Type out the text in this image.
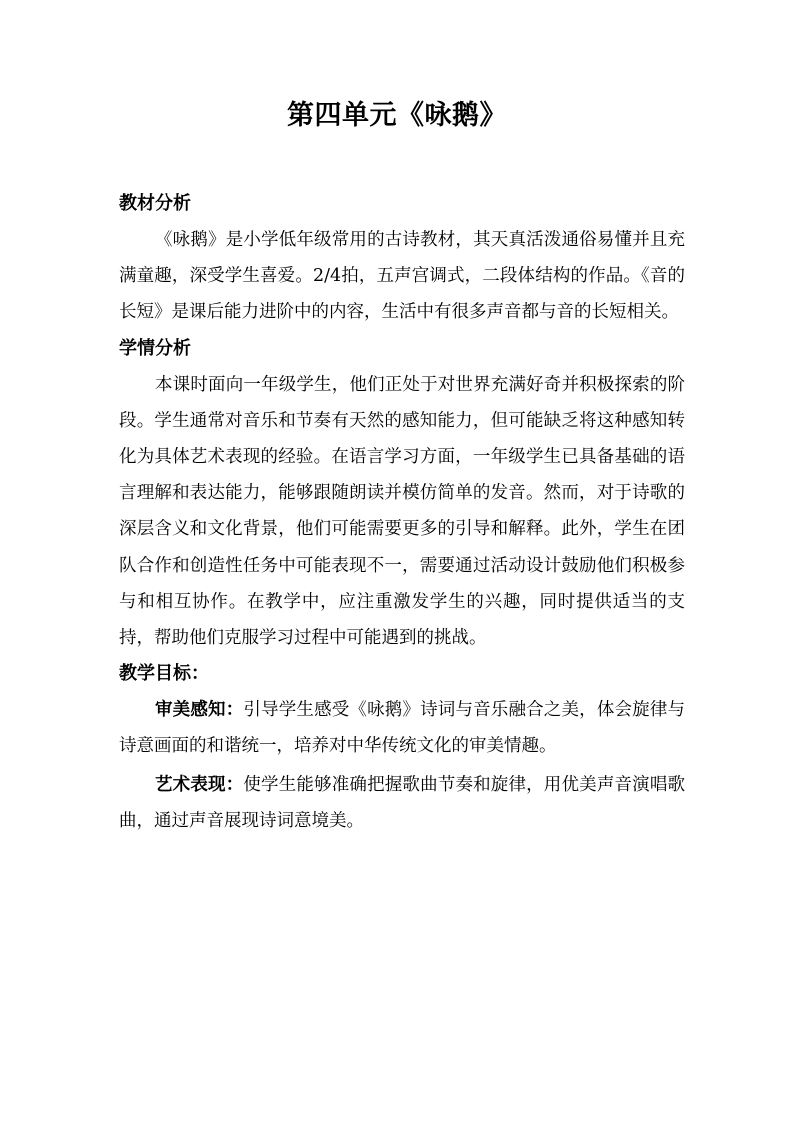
第四单元《咏鹅》
教材分析

《咏鹅》是小学低年级常用的古诗教材，其天真活泼通俗易懂并且充满童趣，深受学生喜爱。2/4拍，五声宫调式，二段体结构的作品。《音的长短》是课后能力进阶中的内容，生活中有很多声音都与音的长短相关。

学情分析

本课时面向一年级学生，他们正处于对世界充满好奇并积极探索的阶段。学生通常对音乐和节奏有天然的感知能力，但可能缺乏将这种感知转化为具体艺术表现的经验。在语言学习方面，一年级学生已具备基础的语言理解和表达能力，能够跟随朗读并模仿简单的发音。然而，对于诗歌的深层含义和文化背景，他们可能需要更多的引导和解释。此外，学生在团队合作和创造性任务中可能表现不一，需要通过活动设计鼓励他们积极参与和相互协作。在教学中，应注重激发学生的兴趣，同时提供适当的支持，帮助他们克服学习过程中可能遇到的挑战。

教学目标：

审美感知：引导学生感受《咏鹅》诗词与音乐融合之美，体会旋律与诗意画面的和谐统一，培养对中华传统文化的审美情趣。

艺术表现：使学生能够准确把握歌曲节奏和旋律，用优美声音演唱歌曲，通过声音展现诗词意境美。
